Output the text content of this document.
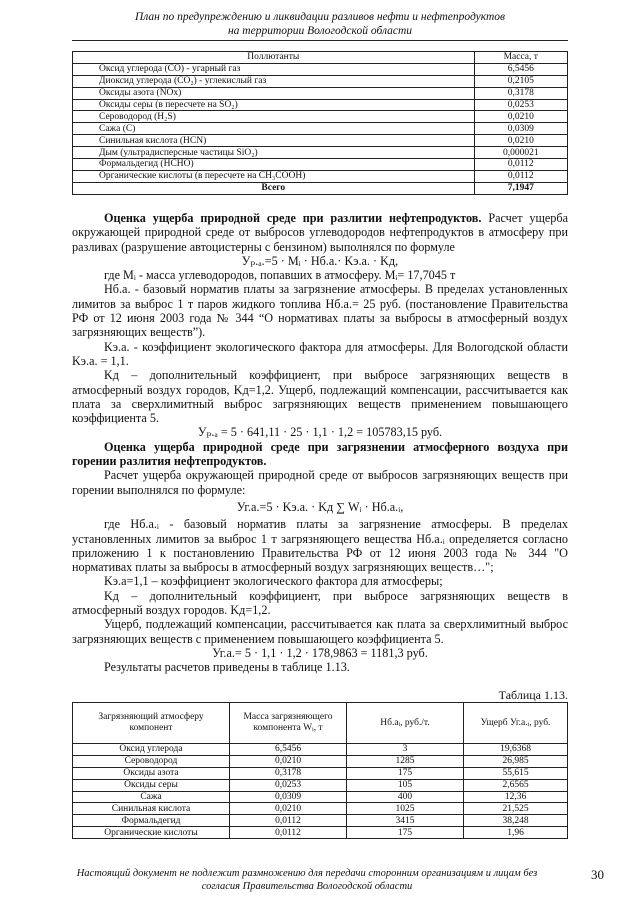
План по предупреждению и ликвидации разливов нефти и нефтепродуктов
на территории Вологодской области
Поллютанты	Масса, т
Оксид углерода (CO) - угарный газ	6,5456
Диоксид углерода (CO₂) - углекислый газ	0,2105
Оксиды азота (NOx)	0,3178
Оксиды серы (в пересчете на SO₂)	0,0253
Сероводород (H₂S)	0,0210
Сажа (C)	0,0309
Синильная кислота (HCN)	0,0210
Дым (ультрадисперсные частицы SiO₂)	0,000021
Формальдегид (HCHO)	0,0112
Органические кислоты (в пересчете на CH₃COOH)	0,0112
Всего	7,1947

Оценка ущерба природной среде при разлитии нефтепродуктов. Расчет ущерба окружающей природной среде от выбросов углеводородов нефтепродуктов в атмосферу при разливах (разрушение автоцистерны с бензином) выполнялся по формуле

Уₚ.ₐ.=5 · Mᵢ · Hб.а.· Kэ.а. · Kд,

где Mᵢ - масса углеводородов, попавших в атмосферу. Mᵢ= 17,7045 т

Hб.а. - базовый норматив платы за загрязнение атмосферы. В пределах установленных лимитов за выброс 1 т паров жидкого топлива Hб.а.= 25 руб. (постановление Правительства РФ от 12 июня 2003 года № 344 “О нормативах платы за выбросы в атмосферный воздух загрязняющих веществ”).

Kэ.а. - коэффициент экологического фактора для атмосферы. Для Вологодской области Kэ.а. = 1,1.

Kд – дополнительный коэффициент, при выбросе загрязняющих веществ в атмосферный воздух городов, Kд=1,2. Ущерб, подлежащий компенсации, рассчитывается как плата за сверхлимитный выброс загрязняющих веществ применением повышающего коэффициента 5.

Уₚ.ₐ = 5 · 641,11 · 25 · 1,1 · 1,2 = 105783,15 руб.

Оценка ущерба природной среде при загрязнении атмосферного воздуха при горении разлития нефтепродуктов.

Расчет ущерба окружающей природной среде от выбросов загрязняющих веществ при горении выполнялся по формуле:

Уг.а.=5 · Kэ.а. · Kд ∑ Wᵢ · Hб.а.ᵢ,

где Hб.а.ᵢ - базовый норматив платы за загрязнение атмосферы. В пределах установленных лимитов за выброс 1 т загрязняющего вещества Hб.а.ᵢ определяется согласно приложению 1 к постановлению Правительства РФ от 12 июня 2003 года № 344 "О нормативах платы за выбросы в атмосферный воздух загрязняющих веществ…";

Kэ.а=1,1 – коэффициент экологического фактора для атмосферы;

Kд – дополнительный коэффициент, при выбросе загрязняющих веществ в атмосферный воздух городов. Kд=1,2.

Ущерб, подлежащий компенсации, рассчитывается как плата за сверхлимитный выброс загрязняющих веществ с применением повышающего коэффициента 5.

Уг.а.= 5 · 1,1 · 1,2 · 178,9863 = 1181,3 руб.

Результаты расчетов приведены в таблице 1.13.

Таблица 1.13.
Загрязняющий атмосферу компонент	Масса загрязняющего компонента Wᵢ, т	Hб.аᵢ, руб./т.	Ущерб Уг.а.ᵢ, руб.
Оксид углерода	6,5456	3	19,6368
Сероводород	0,0210	1285	26,985
Оксиды азота	0,3178	175	55,615
Оксиды серы	0,0253	105	2,6565
Сажа	0,0309	400	12,36
Синильная кислота	0,0210	1025	21,525
Формальдегид	0,0112	3415	38,248
Органические кислоты	0,0112	175	1,96
Настоящий документ не подлежит размножению для передачи сторонним организациям и лицам без согласия Правительства Вологодской области
30
